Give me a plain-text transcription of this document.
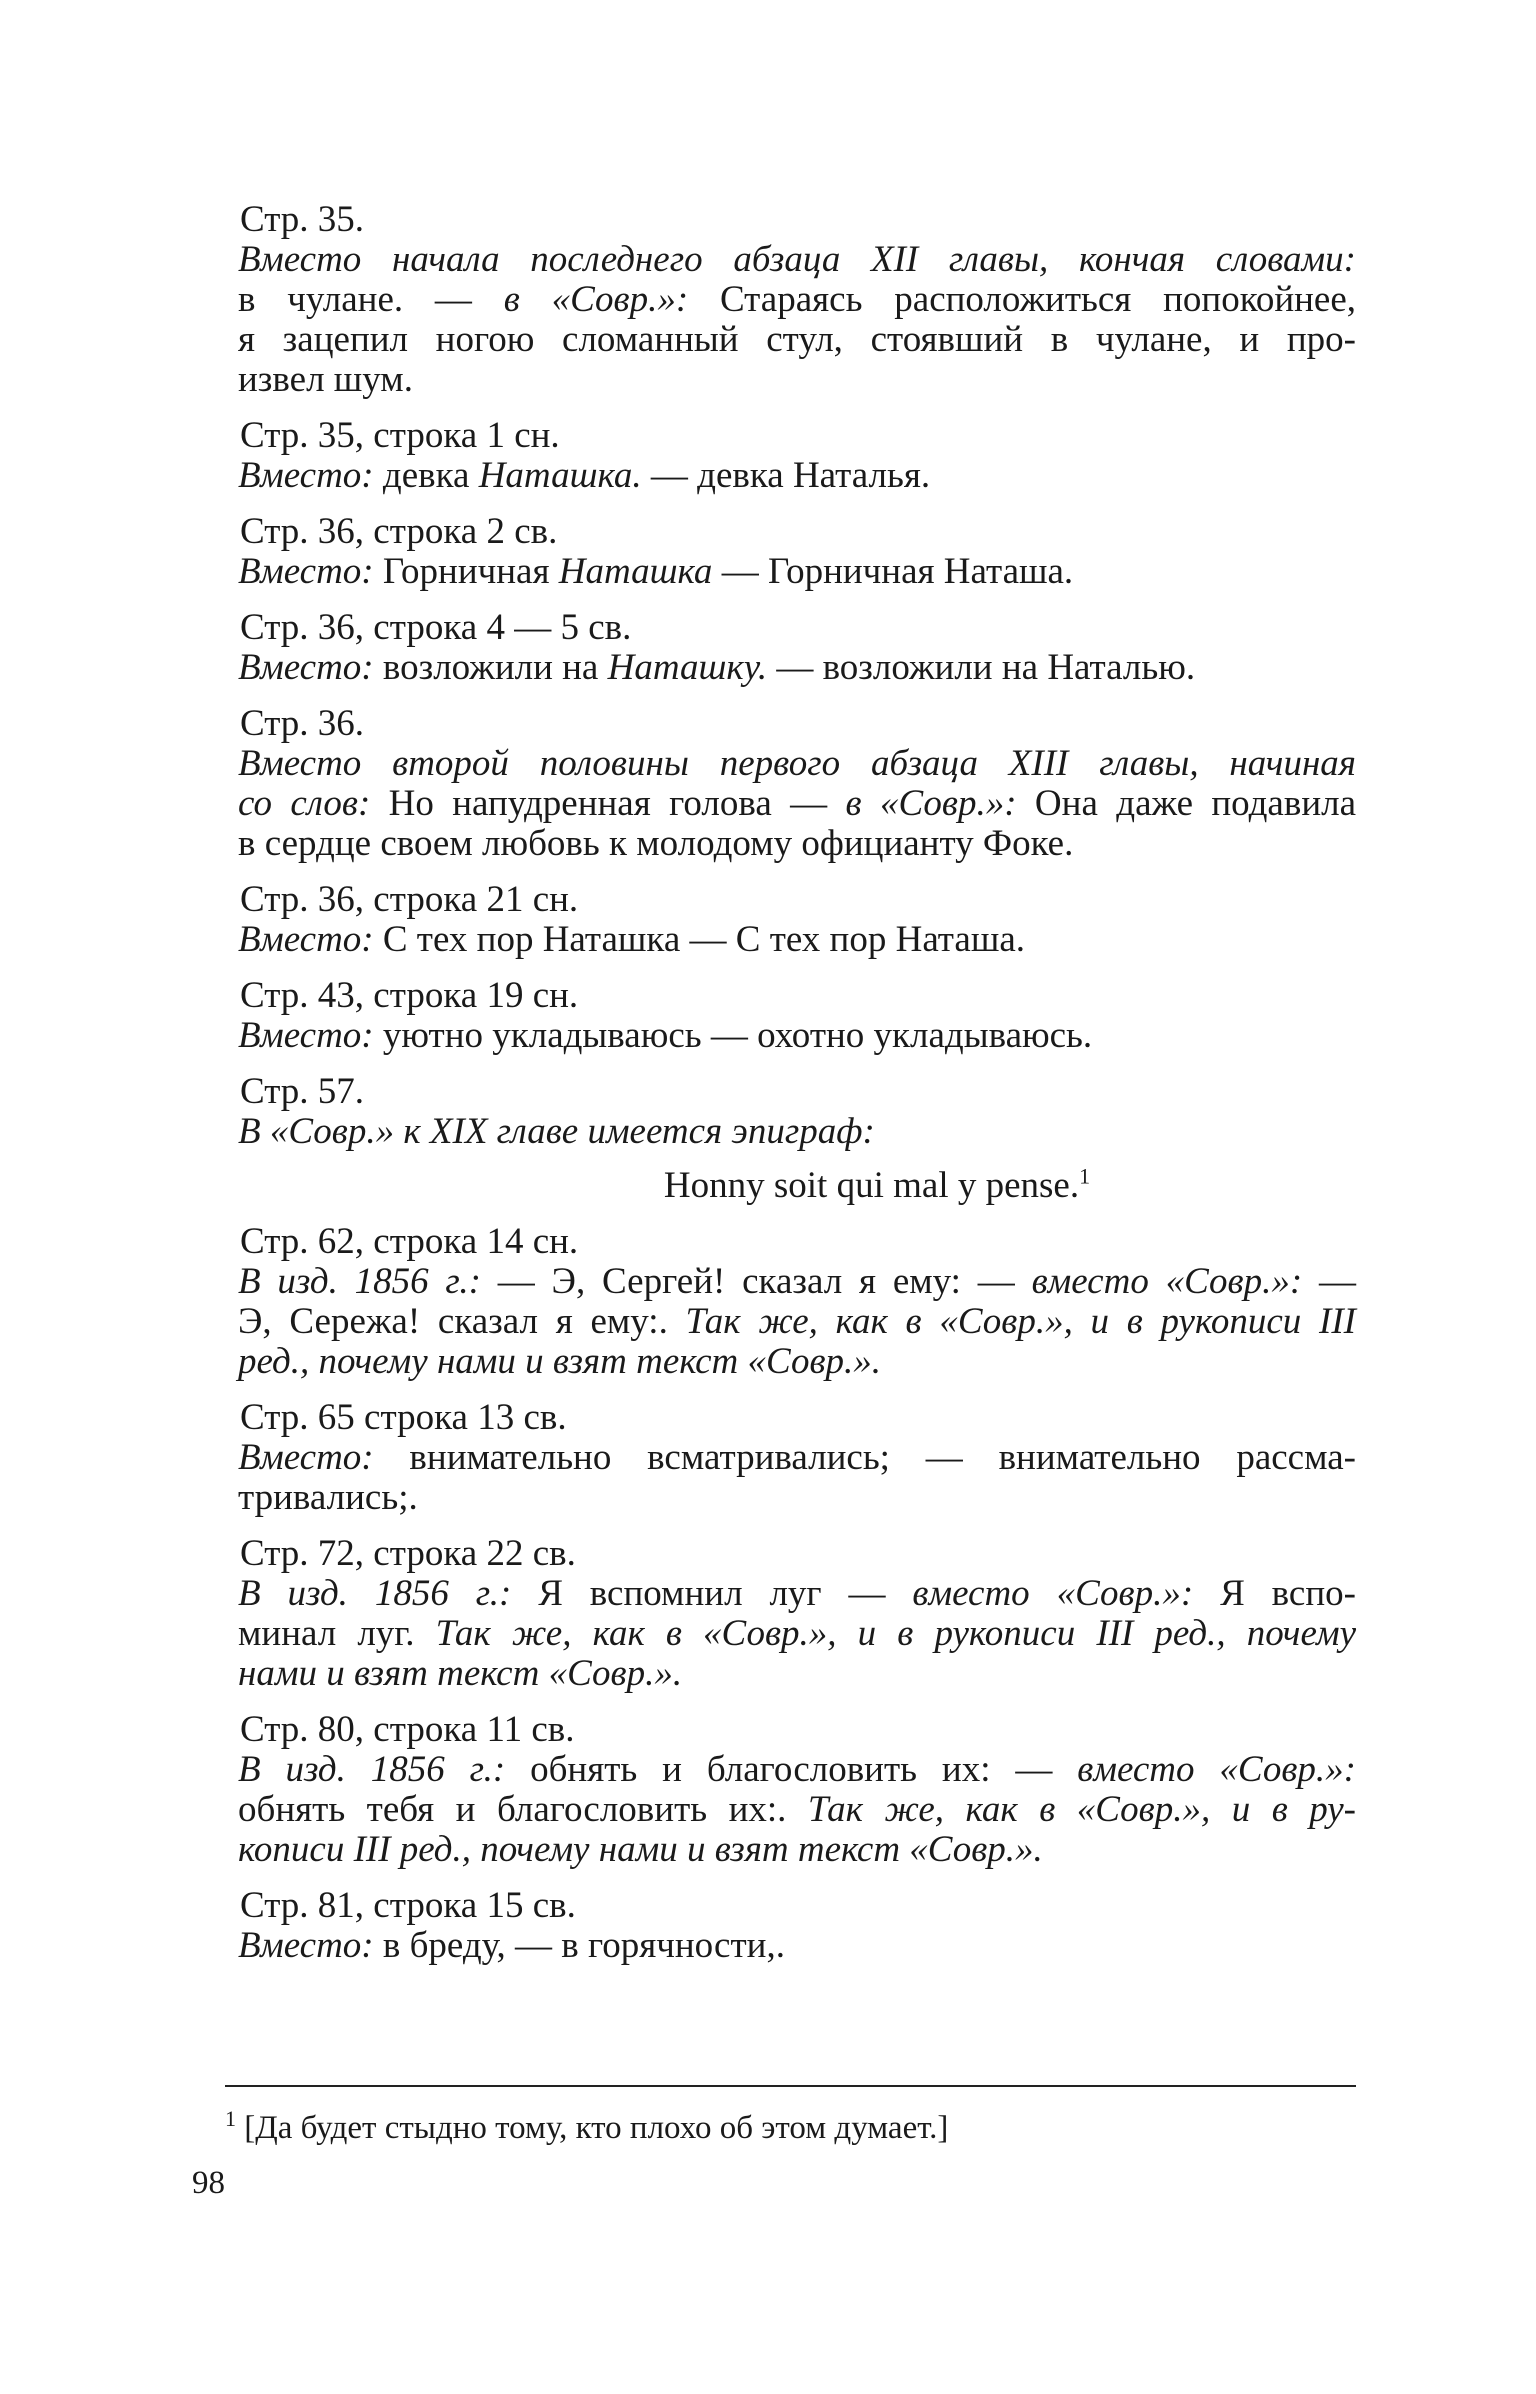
Стр. 35.
Вместо начала последнего абзаца XII главы, кончая словами:
в чулане. — в «Совр.»: Стараясь расположиться попокойнее,
я зацепил ногою сломанный стул, стоявший в чулане, и про-
извел шум.
Стр. 35, строка 1 сн.
Вместо: девка Наташка. — девка Наталья.
Стр. 36, строка 2 св.
Вместо: Горничная Наташка — Горничная Наташа.
Стр. 36, строка 4 — 5 св.
Вместо: возложили на Наташку. — возложили на Наталью.
Стр. 36.
Вместо второй половины первого абзаца XIII главы, начиная
со слов: Но напудренная голова — в «Совр.»: Она даже подавила
в сердце своем любовь к молодому официанту Фоке.
Стр. 36, строка 21 сн.
Вместо: С тех пор Наташка — С тех пор Наташа.
Стр. 43, строка 19 сн.
Вместо: уютно укладываюсь — охотно укладываюсь.
Стр. 57.
В «Совр.» к XIX главе имеется эпиграф:
Honny soit qui mal y pense.$^1$
Стр. 62, строка 14 сн.
В изд. 1856 г.: — Э, Сергей! сказал я ему: — вместо «Совр.»: —
Э, Сережа! сказал я ему:. Так же, как в «Совр.», и в рукописи III
ред., почему нами и взят текст «Совр.».
Стр. 65 строка 13 св.
Вместо: внимательно всматривались; — внимательно рассма-
тривались;.
Стр. 72, строка 22 св.
В изд. 1856 г.: Я вспомнил луг — вместо «Совр.»: Я вспо-
минал луг. Так же, как в «Совр.», и в рукописи III ред., почему
нами и взят текст «Совр.».
Стр. 80, строка 11 св.
В изд. 1856 г.: обнять и благословить их: — вместо «Совр.»:
обнять тебя и благословить их:. Так же, как в «Совр.», и в ру-
кописи III ред., почему нами и взят текст «Совр.».
Стр. 81, строка 15 св.
Вместо: в бреду, — в горячности,.
$^1$ [Да будет стыдно тому, кто плохо об этом думает.]
98
